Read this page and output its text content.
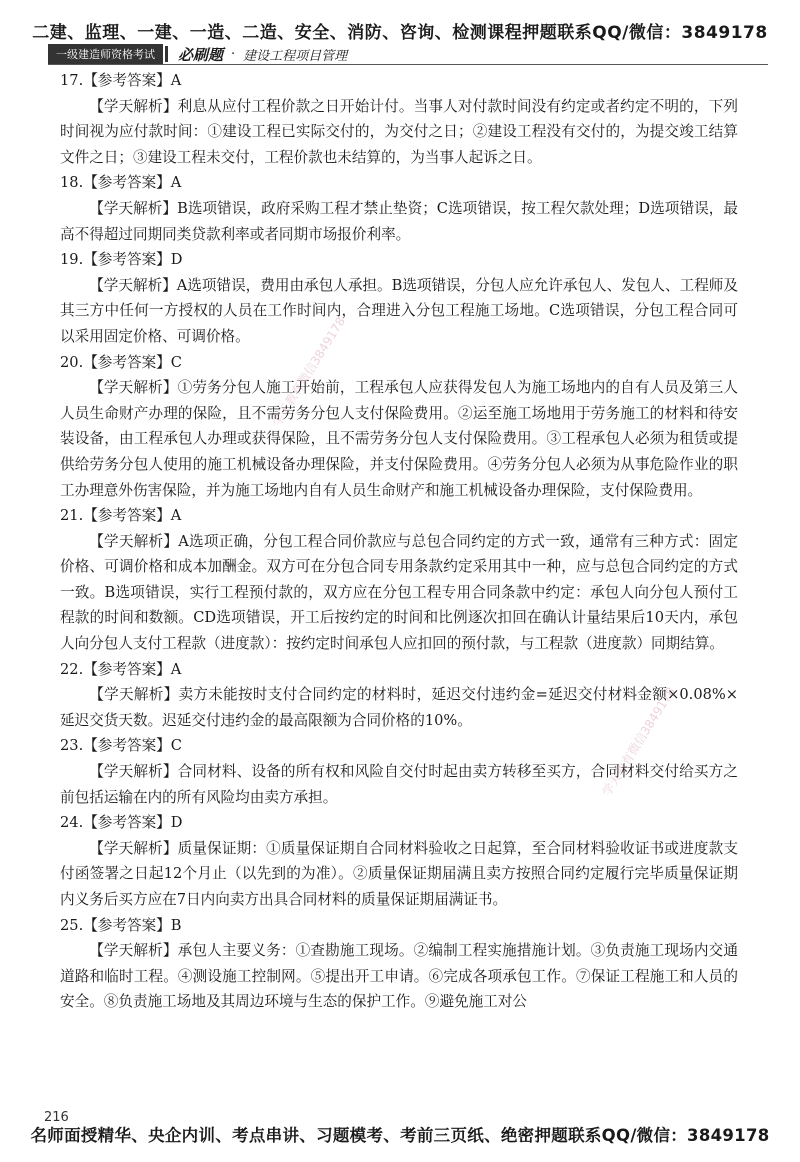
二建、监理、一建、一造、二造、安全、消防、咨询、检测课程押题联系QQ/微信：3849178
一级建造师资格考试	必刷题 · 建设工程项目管理

17.【参考答案】A

【学天解析】利息从应付工程价款之日开始计付。当事人对付款时间没有约定或者约定不明的，下列时间视为应付款时间：①建设工程已实际交付的，为交付之日；②建设工程没有交付的，为提交竣工结算文件之日；③建设工程未交付，工程价款也未结算的，为当事人起诉之日。

18.【参考答案】A

【学天解析】B选项错误，政府采购工程才禁止垫资；C选项错误，按工程欠款处理；D选项错误，最高不得超过同期同类贷款利率或者同期市场报价利率。

19.【参考答案】D

【学天解析】A选项错误，费用由承包人承担。B选项错误，分包人应允许承包人、发包人、工程师及其三方中任何一方授权的人员在工作时间内，合理进入分包工程施工场地。C选项错误，分包工程合同可以采用固定价格、可调价格。

20.【参考答案】C

【学天解析】①劳务分包人施工开始前，工程承包人应获得发包人为施工场地内的自有人员及第三人人员生命财产办理的保险，且不需劳务分包人支付保险费用。②运至施工场地用于劳务施工的材料和待安装设备，由工程承包人办理或获得保险，且不需劳务分包人支付保险费用。③工程承包人必须为租赁或提供给劳务分包人使用的施工机械设备办理保险，并支付保险费用。④劳务分包人必须为从事危险作业的职工办理意外伤害保险，并为施工场地内自有人员生命财产和施工机械设备办理保险，支付保险费用。

21.【参考答案】A

【学天解析】A选项正确，分包工程合同价款应与总包合同约定的方式一致，通常有三种方式：固定价格、可调价格和成本加酬金。双方可在分包合同专用条款约定采用其中一种，应与总包合同约定的方式一致。B选项错误，实行工程预付款的，双方应在分包工程专用合同条款中约定：承包人向分包人预付工程款的时间和数额。CD选项错误，开工后按约定的时间和比例逐次扣回在确认计量结果后10天内，承包人向分包人支付工程款（进度款）：按约定时间承包人应扣回的预付款，与工程款（进度款）同期结算。

22.【参考答案】A

【学天解析】卖方未能按时支付合同约定的材料时，延迟交付违约金=延迟交付材料金额×0.08%×延迟交货天数。迟延交付违约金的最高限额为合同价格的10%。

23.【参考答案】C

【学天解析】合同材料、设备的所有权和风险自交付时起由卖方转移至买方，合同材料交付给买方之前包括运输在内的所有风险均由卖方承担。

24.【参考答案】D

【学天解析】质量保证期：①质量保证期自合同材料验收之日起算，至合同材料验收证书或进度款支付函签署之日起12个月止（以先到的为准）。②质量保证期届满且卖方按照合同约定履行完毕质量保证期内义务后买方应在7日内向卖方出具合同材料的质量保证期届满证书。

25.【参考答案】B

【学天解析】承包人主要义务：①查勘施工现场。②编制工程实施措施计划。③负责施工现场内交通道路和临时工程。④测设施工控制网。⑤提出开工申请。⑥完成各项承包工作。⑦保证工程施工和人员的安全。⑧负责施工场地及其周边环境与生态的保护工作。⑨避免施工对公

学天教育微信3849178
学天教育微信3849178
216
名师面授精华、央企内训、考点串讲、习题模考、考前三页纸、绝密押题联系QQ/微信：3849178
